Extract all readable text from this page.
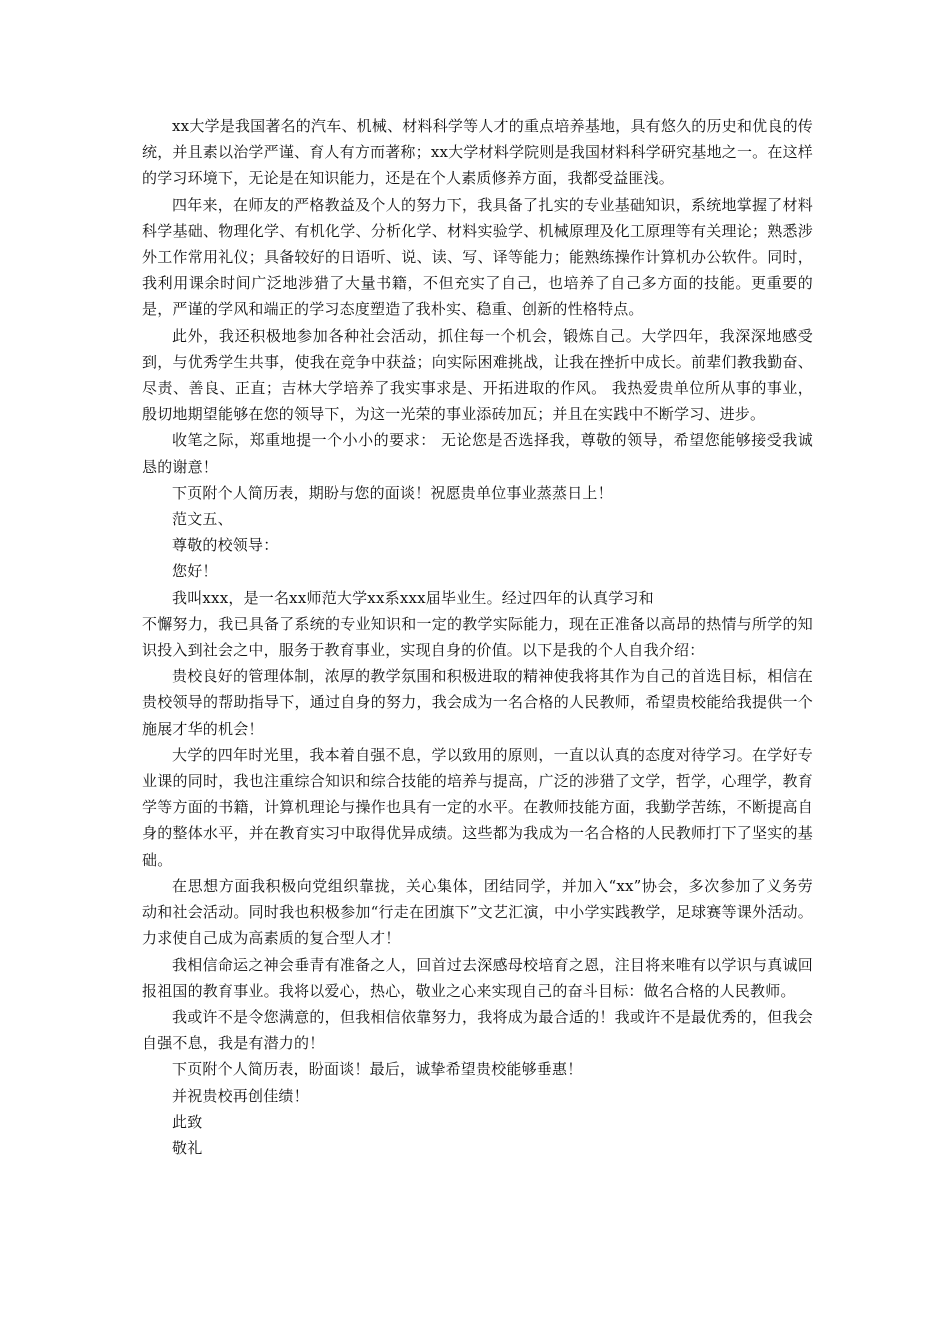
xx大学是我国著名的汽车、机械、材料科学等人才的重点培养基地，具有悠久的历史和优良的传统，并且素以治学严谨、育人有方而著称；xx大学材料学院则是我国材料科学研究基地之一。在这样的学习环境下，无论是在知识能力，还是在个人素质修养方面，我都受益匪浅。

四年来，在师友的严格教益及个人的努力下，我具备了扎实的专业基础知识，系统地掌握了材料科学基础、物理化学、有机化学、分析化学、材料实验学、机械原理及化工原理等有关理论；熟悉涉外工作常用礼仪；具备较好的日语听、说、读、写、译等能力；能熟练操作计算机办公软件。同时，我利用课余时间广泛地涉猎了大量书籍，不但充实了自己，也培养了自己多方面的技能。更重要的是，严谨的学风和端正的学习态度塑造了我朴实、稳重、创新的性格特点。

此外，我还积极地参加各种社会活动，抓住每一个机会，锻炼自己。大学四年，我深深地感受到，与优秀学生共事，使我在竞争中获益；向实际困难挑战，让我在挫折中成长。前辈们教我勤奋、尽责、善良、正直；吉林大学培养了我实事求是、开拓进取的作风。 我热爱贵单位所从事的事业，殷切地期望能够在您的领导下，为这一光荣的事业添砖加瓦；并且在实践中不断学习、进步。

收笔之际，郑重地提一个小小的要求： 无论您是否选择我，尊敬的领导，希望您能够接受我诚恳的谢意！

下页附个人简历表，期盼与您的面谈！祝愿贵单位事业蒸蒸日上！

范文五、

尊敬的校领导：

您好！

我叫xxx，是一名xx师范大学xx系xxx届毕业生。经过四年的认真学习和

不懈努力，我已具备了系统的专业知识和一定的教学实际能力，现在正准备以高昂的热情与所学的知识投入到社会之中，服务于教育事业，实现自身的价值。以下是我的个人自我介绍：

贵校良好的管理体制，浓厚的教学氛围和积极进取的精神使我将其作为自己的首选目标，相信在贵校领导的帮助指导下，通过自身的努力，我会成为一名合格的人民教师，希望贵校能给我提供一个施展才华的机会！

大学的四年时光里，我本着自强不息，学以致用的原则，一直以认真的态度对待学习。在学好专业课的同时，我也注重综合知识和综合技能的培养与提高，广泛的涉猎了文学，哲学，心理学，教育学等方面的书籍，计算机理论与操作也具有一定的水平。在教师技能方面，我勤学苦练，不断提高自身的整体水平，并在教育实习中取得优异成绩。这些都为我成为一名合格的人民教师打下了坚实的基础。

在思想方面我积极向党组织靠拢，关心集体，团结同学，并加入“xx”协会，多次参加了义务劳动和社会活动。同时我也积极参加“行走在团旗下”文艺汇演，中小学实践教学，足球赛等课外活动。力求使自己成为高素质的复合型人才！

我相信命运之神会垂青有准备之人，回首过去深感母校培育之恩，注目将来唯有以学识与真诚回报祖国的教育事业。我将以爱心，热心，敬业之心来实现自己的奋斗目标：做名合格的人民教师。

我或许不是令您满意的，但我相信依靠努力，我将成为最合适的！我或许不是最优秀的，但我会自强不息，我是有潜力的！

下页附个人简历表，盼面谈！最后，诚挚希望贵校能够垂惠！

并祝贵校再创佳绩！

此致

敬礼
